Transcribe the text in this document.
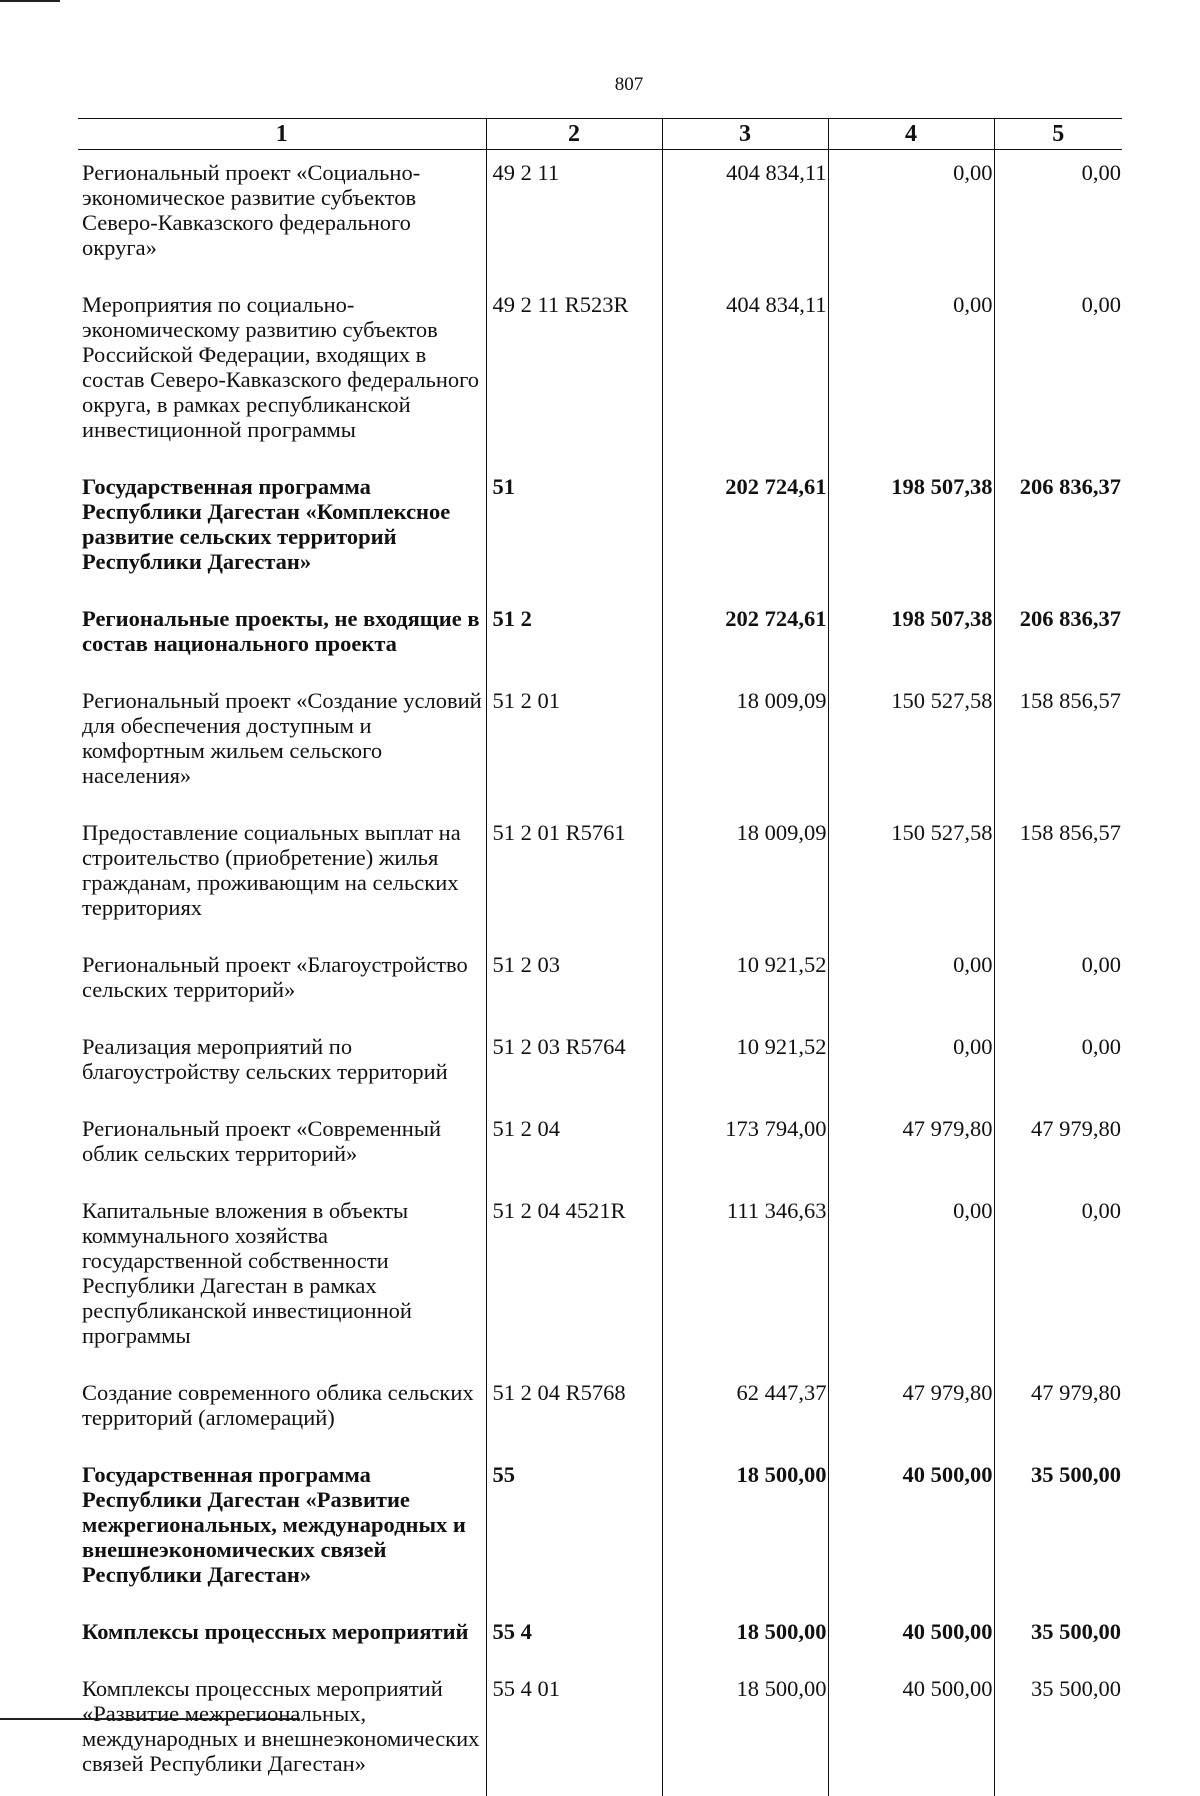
807
1	2	3	4	5
Региональный проект «Социально-экономическое развитие субъектов Северо-Кавказского федерального округа»	49 2 11	404 834,11	0,00	0,00
Мероприятия по социально-экономическому развитию субъектов Российской Федерации, входящих в состав Северо-Кавказского федерального округа, в рамках республиканской инвестиционной программы	49 2 11 R523R	404 834,11	0,00	0,00
Государственная программа Республики Дагестан «Комплексное развитие сельских территорий Республики Дагестан»	51	202 724,61	198 507,38	206 836,37
Региональные проекты, не входящие в состав национального проекта	51 2	202 724,61	198 507,38	206 836,37
Региональный проект «Создание условий для обеспечения доступным и комфортным жильем сельского населения»	51 2 01	18 009,09	150 527,58	158 856,57
Предоставление социальных выплат на строительство (приобретение) жилья гражданам, проживающим на сельских территориях	51 2 01 R5761	18 009,09	150 527,58	158 856,57
Региональный проект «Благоустройство сельских территорий»	51 2 03	10 921,52	0,00	0,00
Реализация мероприятий по благоустройству сельских территорий	51 2 03 R5764	10 921,52	0,00	0,00
Региональный проект «Современный облик сельских территорий»	51 2 04	173 794,00	47 979,80	47 979,80
Капитальные вложения в объекты коммунального хозяйства государственной собственности Республики Дагестан в рамках республиканской инвестиционной программы	51 2 04 4521R	111 346,63	0,00	0,00
Создание современного облика сельских территорий (агломераций)	51 2 04 R5768	62 447,37	47 979,80	47 979,80
Государственная программа Республики Дагестан «Развитие межрегиональных, международных и внешнеэкономических связей Республики Дагестан»	55	18 500,00	40 500,00	35 500,00
Комплексы процессных мероприятий	55 4	18 500,00	40 500,00	35 500,00
Комплексы процессных мероприятий «Развитие межрегиональных, международных и внешнеэкономических связей Республики Дагестан»	55 4 01	18 500,00	40 500,00	35 500,00
